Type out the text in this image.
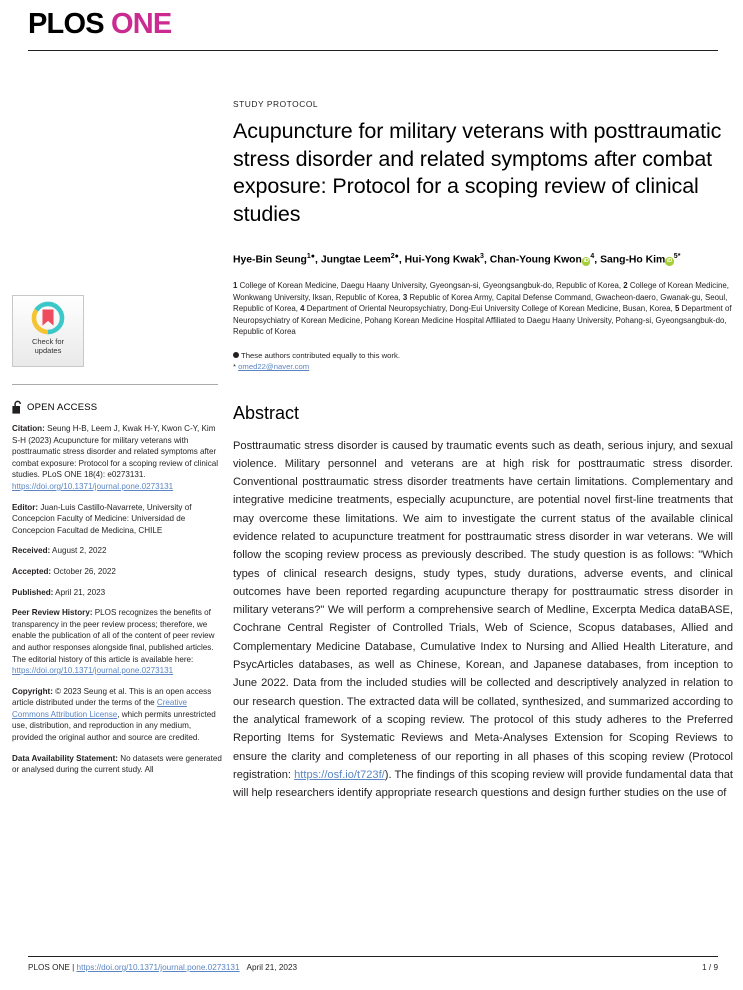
PLOS ONE
Check for
updates
OPEN ACCESS
Citation: Seung H-B, Leem J, Kwak H-Y, Kwon C-Y, Kim S-H (2023) Acupuncture for military veterans with posttraumatic stress disorder and related symptoms after combat exposure: Protocol for a scoping review of clinical studies. PLoS ONE 18(4): e0273131. https://doi.org/10.1371/journal.pone.0273131
Editor: Juan-Luis Castillo-Navarrete, University of Concepcion Faculty of Medicine: Universidad de Concepcion Facultad de Medicina, CHILE
Received: August 2, 2022
Accepted: October 26, 2022
Published: April 21, 2023
Peer Review History: PLOS recognizes the benefits of transparency in the peer review process; therefore, we enable the publication of all of the content of peer review and author responses alongside final, published articles. The editorial history of this article is available here: https://doi.org/10.1371/journal.pone.0273131
Copyright: © 2023 Seung et al. This is an open access article distributed under the terms of the Creative Commons Attribution License, which permits unrestricted use, distribution, and reproduction in any medium, provided the original author and source are credited.
Data Availability Statement: No datasets were generated or analysed during the current study. All
STUDY PROTOCOL
Acupuncture for military veterans with posttraumatic stress disorder and related symptoms after combat exposure: Protocol for a scoping review of clinical studies
Hye-Bin Seung$^{1●}$, Jungtae Leem$^{2●}$, Hui-Yong Kwak$^3$, Chan-Young Kwon $iD^4$, Sang-Ho Kim $iD^{5*}$
1 College of Korean Medicine, Daegu Haany University, Gyeongsan-si, Gyeongsangbuk-do, Republic of Korea, 2 College of Korean Medicine, Wonkwang University, Iksan, Republic of Korea, 3 Republic of Korea Army, Capital Defense Command, Gwacheon-daero, Gwanak-gu, Seoul, Republic of Korea, 4 Department of Oriental Neuropsychiatry, Dong-Eui University College of Korean Medicine, Busan, Korea, 5 Department of Neuropsychiatry of Korean Medicine, Pohang Korean Medicine Hospital Affiliated to Daegu Haany University, Pohang-si, Gyeongsangbuk-do, Republic of Korea
These authors contributed equally to this work.
* omed22@naver.com
Abstract
Posttraumatic stress disorder is caused by traumatic events such as death, serious injury, and sexual violence. Military personnel and veterans are at high risk for posttraumatic stress disorder. Conventional posttraumatic stress disorder treatments have certain limitations. Complementary and integrative medicine treatments, especially acupuncture, are potential novel first-line treatments that may overcome these limitations. We aim to investigate the current status of the available clinical evidence related to acupuncture treatment for posttraumatic stress disorder in war veterans. We will follow the scoping review process as previously described. The study question is as follows: "Which types of clinical research designs, study types, study durations, adverse events, and clinical outcomes have been reported regarding acupuncture therapy for posttraumatic stress disorder in military veterans?" We will perform a comprehensive search of Medline, Excerpta Medica dataBASE, Cochrane Central Register of Controlled Trials, Web of Science, Scopus databases, Allied and Complementary Medicine Database, Cumulative Index to Nursing and Allied Health Literature, and PsycArticles databases, as well as Chinese, Korean, and Japanese databases, from inception to June 2022. Data from the included studies will be collected and descriptively analyzed in relation to our research question. The extracted data will be collated, synthesized, and summarized according to the analytical framework of a scoping review. The protocol of this study adheres to the Preferred Reporting Items for Systematic Reviews and Meta-Analyses Extension for Scoping Reviews to ensure the clarity and completeness of our reporting in all phases of this scoping review (Protocol registration: https://osf.io/t723f/). The findings of this scoping review will provide fundamental data that will help researchers identify appropriate research questions and design further studies on the use of
PLOS ONE | https://doi.org/10.1371/journal.pone.0273131 April 21, 2023	1 / 9
